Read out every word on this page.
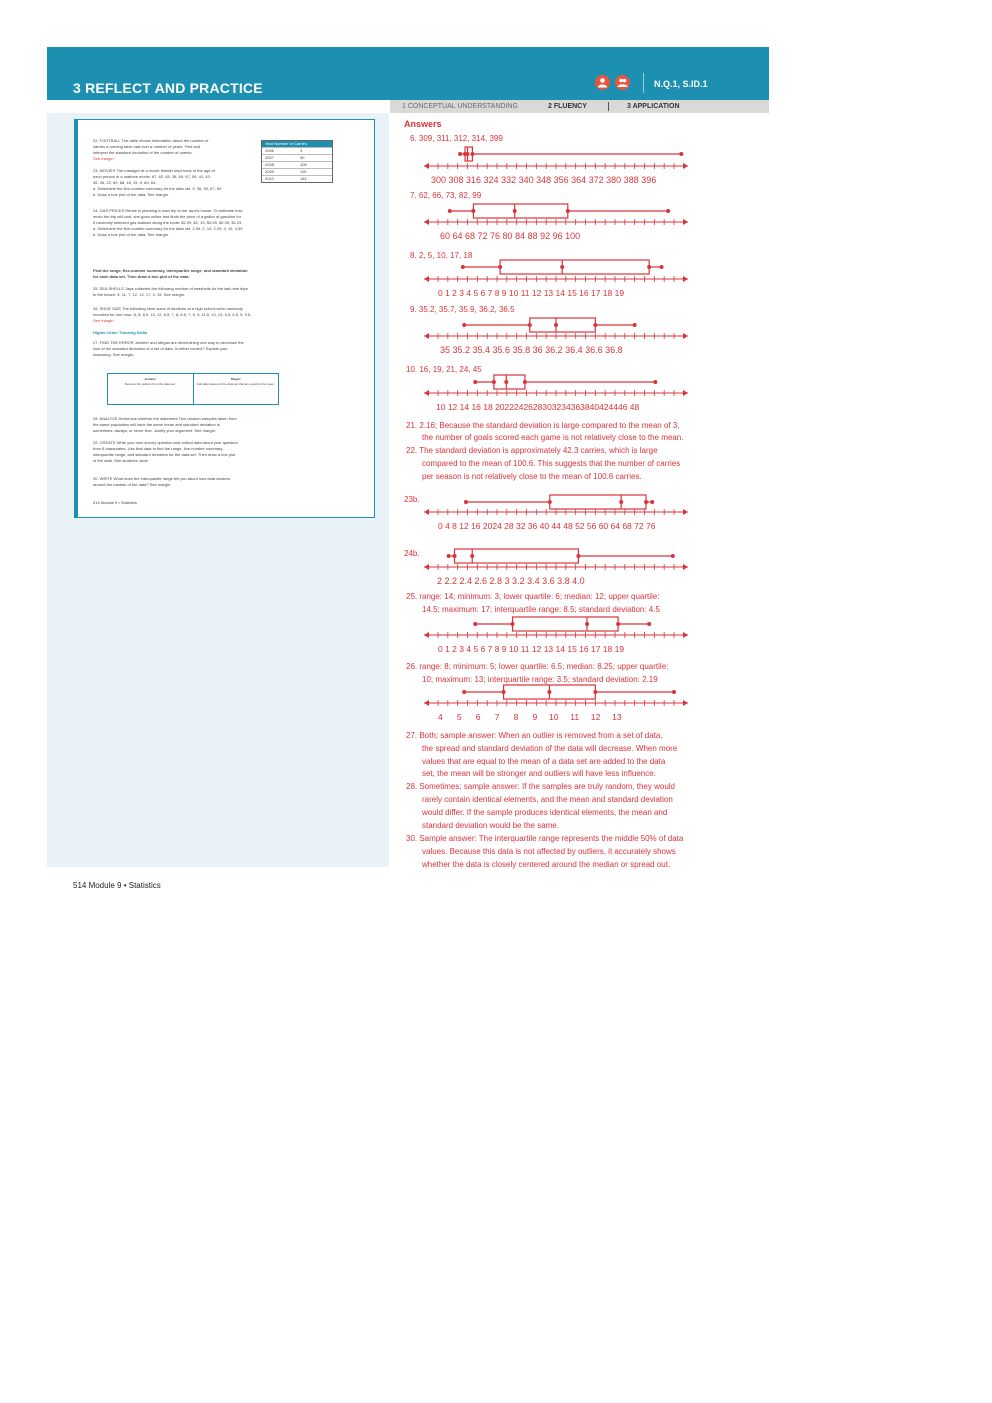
3 REFLECT AND PRACTICE	N.Q.1, S.ID.1
1 CONCEPTUAL UNDERSTANDING	2 FLUENCY	3 APPLICATION
22. FOOTBALL The table shows information about the number of
carries a running back had over a number of years. Find and
interpret the standard deviation of the number of carries.
See margin.
23. MOVIES The manager at a movie theater kept track of the age of
each person in a matinee movie: 67, 62, 65, 38, 69, 67, 59, 41, 43,
36, 45, 22, 69, 68, 18, 15, 9, 60, 64.
a. Determine the five-number summary for the data set. 9, 36, 59, 67, 69
b. Draw a box plot of the data. See margin.
24. GAS PRICES Renee is planning a road trip to her aunt's house. To estimate how
much the trip will cost, she goes online and finds the price of a gallon of gasoline for
5 randomly selected gas stations along the route: $2.09, $2, 19, $3.99, $2.39, $2.29.
a. Determine the five-number summary for the data set. 2.09, 2, 14, 2.29, 3, 19, 3.59
b. Draw a box plot of the data. See margin.
Find the range, five-number summary, interquartile range, and standard deviation
for each data set. Then draw a box plot of the data.
25. SEA SHELLS Jaya collected the following number of seashells for the last nine trips
to the beach: 5, 11, 7, 12, 13, 17, 3, 15. See margin.
26. SHOE SIZE The following shoe sizes of students at a high school were randomly
recorded for one hour: 6, 8, 8.5, 10, 12, 6.5, 7, 8, 8.5, 7, 5, 9, 11.5, 10, 13, 5.5, 6.5, 5, 9.5.
See margin.
Higher-Order Thinking Skills
27. FIND THE ERROR Jennifer and Megan are determining one way to decrease the
size of the standard deviation of a set of data. Is either correct? Explain your
reasoning. See margin.
28. ANALYZE Determine whether the statement Two random samples taken from
the same population will have the same mean and standard deviation is
sometimes, always, or never true. Justify your argument. See margin.
29. CREATE Write your own survey question and collect data about your question
from 8 classmates. Use that data to find the range, five-number summary,
interquartile range, and standard deviation for the data set. Then draw a box plot
of the data. See students' work.
30. WRITE What does the interquartile range tell you about how data clusters
around the median of the data? See margin.
514 Module 9 • Statistics
Year Number of Carries
2006	3
2007	90
2008	105
2009	115
2010	162
Jennifer
Remove the outliers from the data set.
Megan
Add data values to the data set that are equal to the mean.
514 Module 9 • Statistics
Answers
6. 309, 311, 312, 314, 399
300 308 316 324 332 340 348 356 364 372 380 388 396
7. 62, 66, 73, 82, 99
60 64 68 72 76 80 84 88 92 96 100
8. 2, 5, 10, 17, 18
0 1 2 3 4 5 6 7 8 9 10 11 12 13 14 15 16 17 18 19
9. 35.2, 35.7, 35.9, 36.2, 36.5
35 35.2 35.4 35.6 35.8 36 36.2 36.4 36.6 36.8
10. 16, 19, 21, 24, 45
10 12 14 16 18 2022242628303234363840424446 48
21. 2.16; Because the standard deviation is large compared to the mean of 3,
the number of goals scored each game is not relatively close to the mean.
22. The standard deviation is approximately 42.3 carries, which is large
compared to the mean of 100.6. This suggests that the number of carries
per season is not relatively close to the mean of 100.6 carries.
23b.
0 4 8 12 16 2024 28 32 36 40 44 48 52 56 60 64 68 72 76
24b.
2 2.2 2.4 2.6 2.8 3 3.2 3.4 3.6 3.8 4.0
25. range: 14; minimum: 3; lower quartile: 6; median: 12; upper quartile:
14.5; maximum: 17; interquartile range: 8.5; standard deviation: 4.5
0 1 2 3 4 5 6 7 8 9 10 11 12 13 14 15 16 17 18 19
26. range: 8; minimum: 5; lower quartile: 6.5; median: 8.25; upper quartile:
10; maximum: 13; interquartile range: 3.5; standard deviation: 2.19
4      5      6      7      8      9     10     11     12     13
27. Both; sample answer: When an outlier is removed from a set of data,
the spread and standard deviation of the data will decrease. When more
values that are equal to the mean of a data set are added to the data
set, the mean will be stronger and outliers will have less influence.
28. Sometimes; sample answer: If the samples are truly random, they would
rarely contain identical elements, and the mean and standard deviation
would differ. If the sample produces identical elements, the mean and
standard deviation would be the same.
30. Sample answer: The interquartile range represents the middle 50% of data
values. Because this data is not affected by outliers, it accurately shows
whether the data is closely centered around the median or spread out.
